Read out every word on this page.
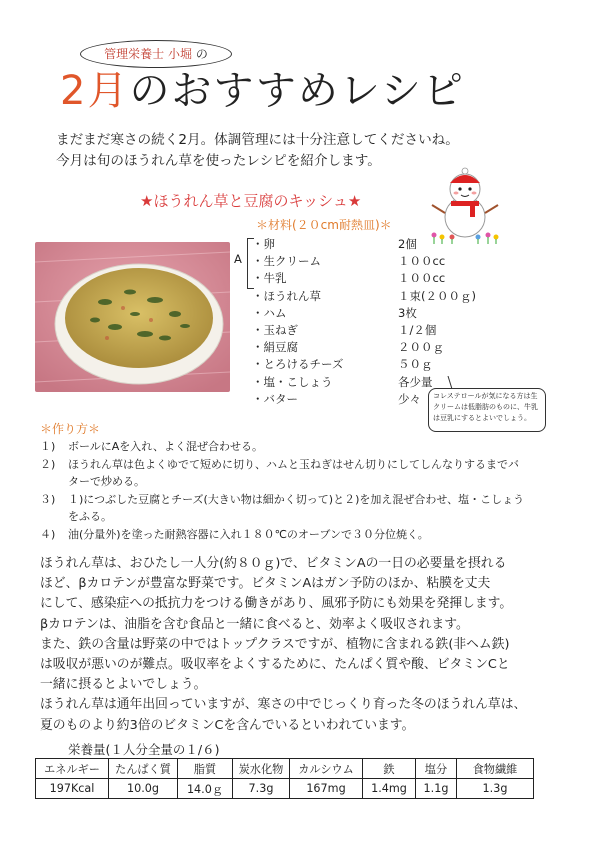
管理栄養士 小堀 の
2月のおすすめレシピ
まだまだ寒さの続く2月。体調管理には十分注意してくださいね。
今月は旬のほうれん草を使ったレシピを紹介します。
★ほうれん草と豆腐のキッシュ★
＊材料(２０cm耐熱皿)＊
A
・卵	2個
・生クリーム	１００cc
・牛乳	１００cc
・ほうれん草	１束(２００ｇ)
・ハム	3枚
・玉ねぎ	１/２個
・絹豆腐	２００ｇ
・とろけるチーズ	５０ｇ
・塩・こしょう	各少量
・バター	少々	コレステロールが気になる方は生クリームは低脂肪のものに、牛乳は豆乳にするとよいでしょう。
＊作り方＊
１) ボールにAを入れ、よく混ぜ合わせる。
２) ほうれん草は色よくゆでて短めに切り、ハムと玉ねぎはせん切りにしてしんなりするまでバターで炒める。
３) １)につぶした豆腐とチーズ(大きい物は細かく切って)と２)を加え混ぜ合わせ、塩・こしょうをふる。
４) 油(分量外)を塗った耐熱容器に入れ１８０℃のオーブンで３０分位焼く。

ほうれん草は、おひたし一人分(約８０ｇ)で、ビタミンAの一日の必要量を摂れる

ほど、βカロテンが豊富な野菜です。ビタミンAはガン予防のほか、粘膜を丈夫

にして、感染症への抵抗力をつける働きがあり、風邪予防にも効果を発揮します。

βカロテンは、油脂を含む食品と一緒に食べると、効率よく吸収されます。

また、鉄の含量は野菜の中ではトップクラスですが、植物に含まれる鉄(非ヘム鉄)

は吸収が悪いのが難点。吸収率をよくするために、たんぱく質や酸、ビタミンCと

一緒に摂るとよいでしょう。

ほうれん草は通年出回っていますが、寒さの中でじっくり育った冬のほうれん草は、

夏のものより約3倍のビタミンCを含んでいるといわれています。

栄養量(１人分全量の１/６)
エネルギー	たんぱく質	脂質	炭水化物	カルシウム	鉄	塩分	食物繊維
197Kcal	10.0g	14.0ｇ	7.3g	167mg	1.4mg	1.1g	1.3g
